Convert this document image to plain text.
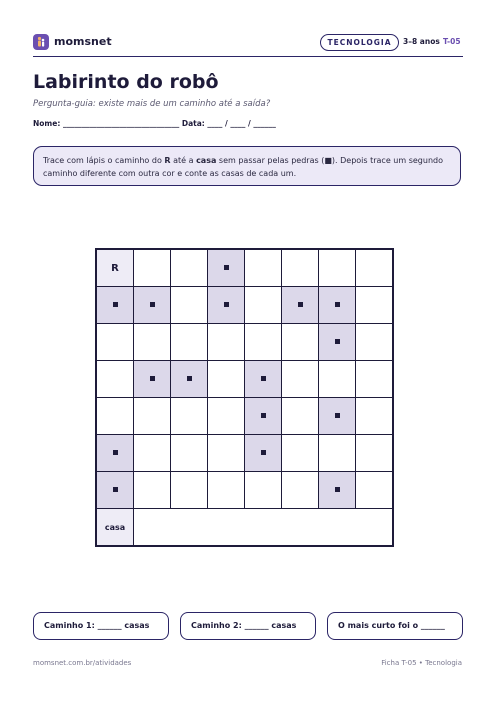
momsnet	TECNOLOGIA	3–8 anos T-05
Labirinto do robô
Pergunta-guia: existe mais de um caminho até a saída?
Nome: _______________________________ Data: ____ / ____ / ______
Trace com lápis o caminho do R até a casa sem passar pelas pedras (■). Depois trace um segundo caminho diferente com outra cor e conte as casas de cada um.
R							

casa							
Caminho 1: ______ casas	Caminho 2: ______ casas	O mais curto foi o ______
momsnet.com.br/atividades	Ficha T-05 • Tecnologia
